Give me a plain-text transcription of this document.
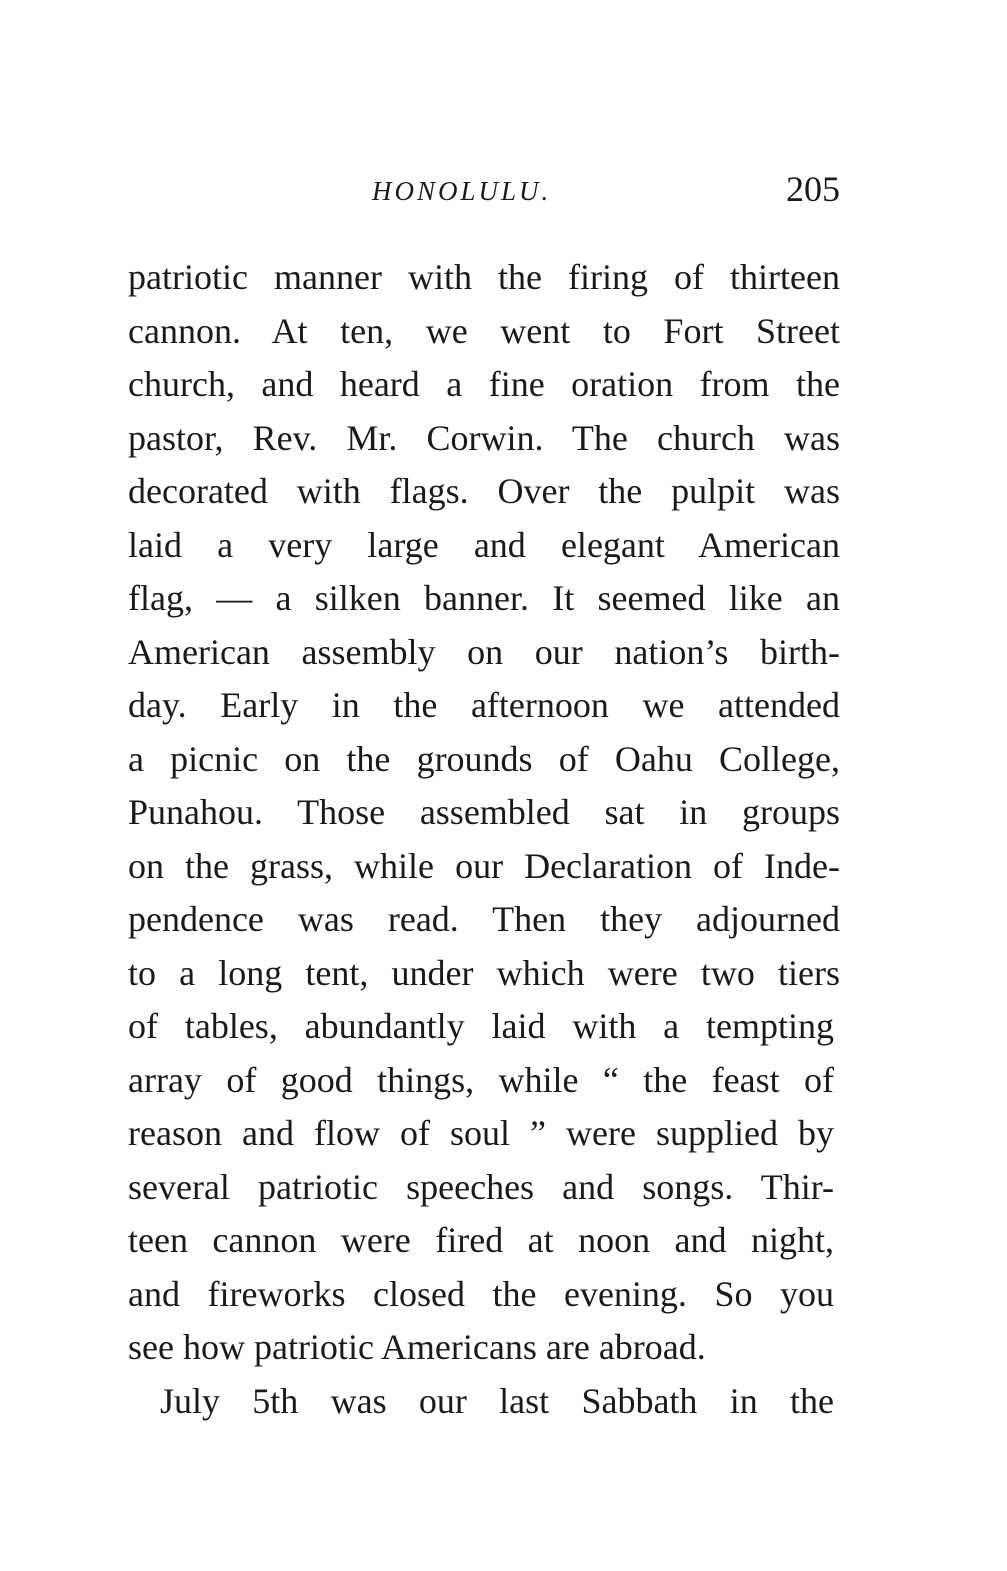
HONOLULU.	205
patriotic manner with the firing of thirteen
cannon. At ten, we went to Fort Street
church, and heard a fine oration from the
pastor, Rev. Mr. Corwin. The church was
decorated with flags. Over the pulpit was
laid a very large and elegant American
flag, — a silken banner. It seemed like an
American assembly on our nation’s birth-
day. Early in the afternoon we attended
a picnic on the grounds of Oahu College,
Punahou. Those assembled sat in groups
on the grass, while our Declaration of Inde-
pendence was read. Then they adjourned
to a long tent, under which were two tiers
of tables, abundantly laid with a tempting
array of good things, while “ the feast of
reason and flow of soul ” were supplied by
several patriotic speeches and songs. Thir-
teen cannon were fired at noon and night,
and fireworks closed the evening. So you
see how patriotic Americans are abroad.
July 5th was our last Sabbath in the
